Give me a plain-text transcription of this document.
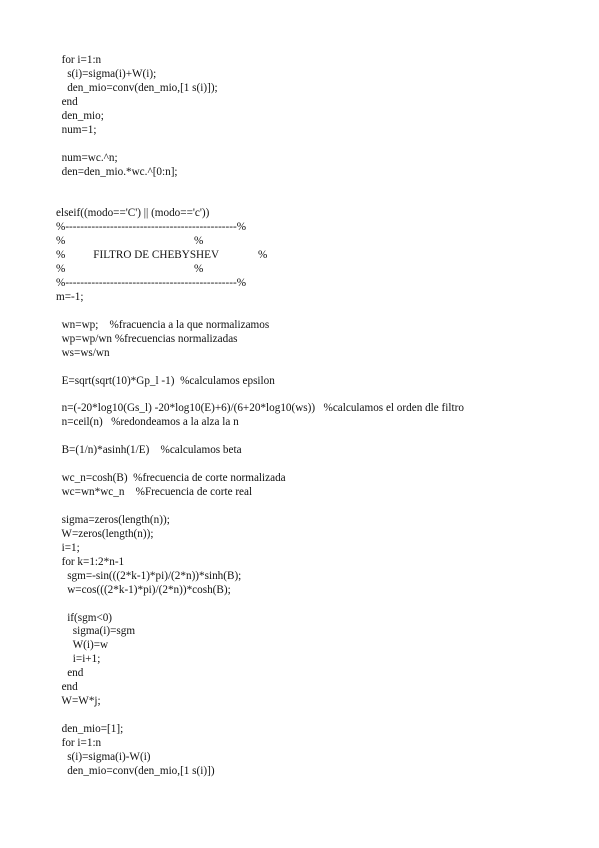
for i=1:n
s(i)=sigma(i)+W(i);
den_mio=conv(den_mio,[1 s(i)]);
end
den_mio;
num=1;
num=wc.^n;
den=den_mio.*wc.^[0:n];
elseif((modo=='C') || (modo=='c'))
%----------------------------------------------%
%                                              %
%          FILTRO DE CHEBYSHEV              %
%                                              %
%----------------------------------------------%
m=-1;
wn=wp;    %fracuencia a la que normalizamos
wp=wp/wn %frecuencias normalizadas
ws=ws/wn
E=sqrt(sqrt(10)*Gp_l -1)  %calculamos epsilon
n=(-20*log10(Gs_l) -20*log10(E)+6)/(6+20*log10(ws))   %calculamos el orden dle filtro
n=ceil(n)   %redondeamos a la alza la n
B=(1/n)*asinh(1/E)    %calculamos beta
wc_n=cosh(B)  %frecuencia de corte normalizada
wc=wn*wc_n    %Frecuencia de corte real
sigma=zeros(length(n));
W=zeros(length(n));
i=1;
for k=1:2*n-1
sgm=-sin(((2*k-1)*pi)/(2*n))*sinh(B);
w=cos(((2*k-1)*pi)/(2*n))*cosh(B);
if(sgm<0)
sigma(i)=sgm
W(i)=w
i=i+1;
end
end
W=W*j;
den_mio=[1];
for i=1:n
s(i)=sigma(i)-W(i)
den_mio=conv(den_mio,[1 s(i)])
